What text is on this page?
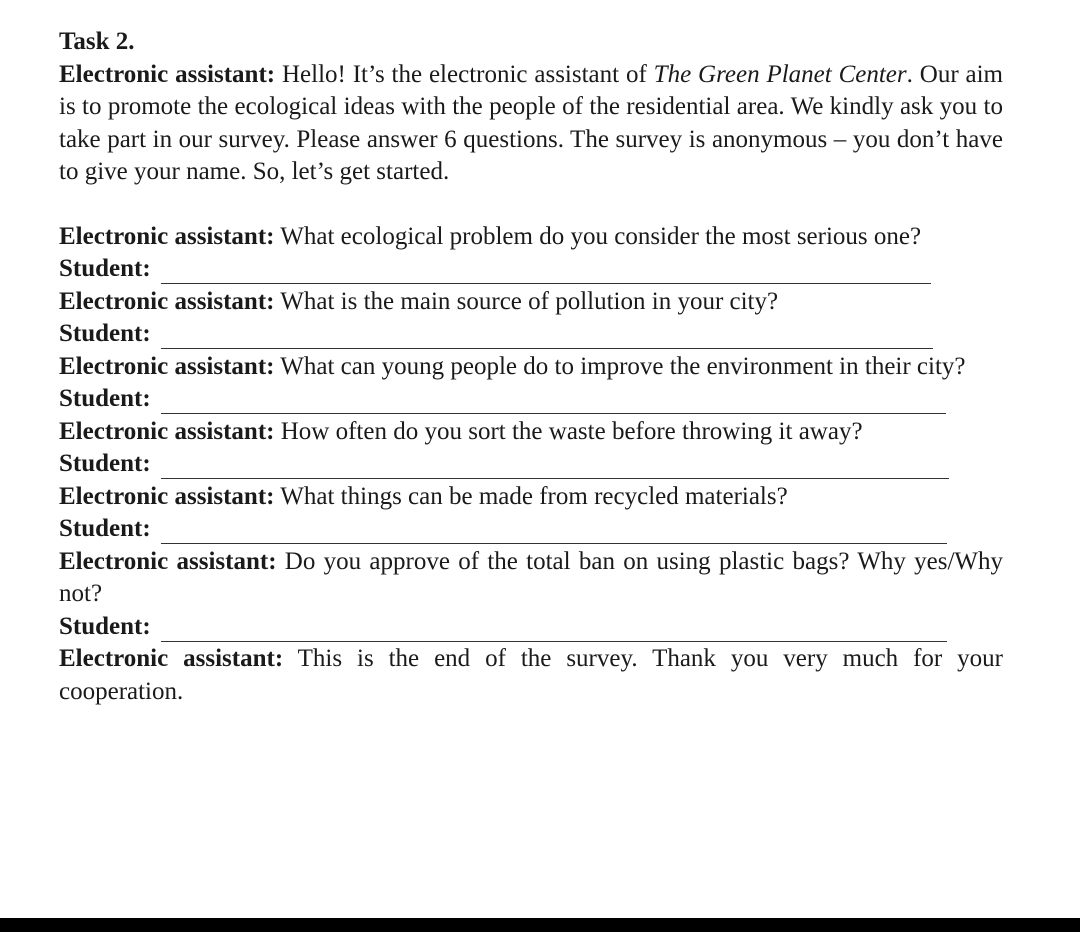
Task 2.

Electronic assistant: Hello! It’s the electronic assistant of The Green Planet Center. Our aim is to promote the ecological ideas with the people of the residential area. We kindly ask you to take part in our survey. Please answer 6 questions. The survey is anonymous – you don’t have to give your name. So, let’s get started.

Electronic assistant: What ecological problem do you consider the most serious one?

Student:

Electronic assistant: What is the main source of pollution in your city?

Student:

Electronic assistant: What can young people do to improve the environment in their city?

Student:

Electronic assistant: How often do you sort the waste before throwing it away?

Student:

Electronic assistant: What things can be made from recycled materials?

Student:

Electronic assistant: Do you approve of the total ban on using plastic bags? Why yes/Why not?

Student:

Electronic assistant: This is the end of the survey. Thank you very much for your cooperation.
